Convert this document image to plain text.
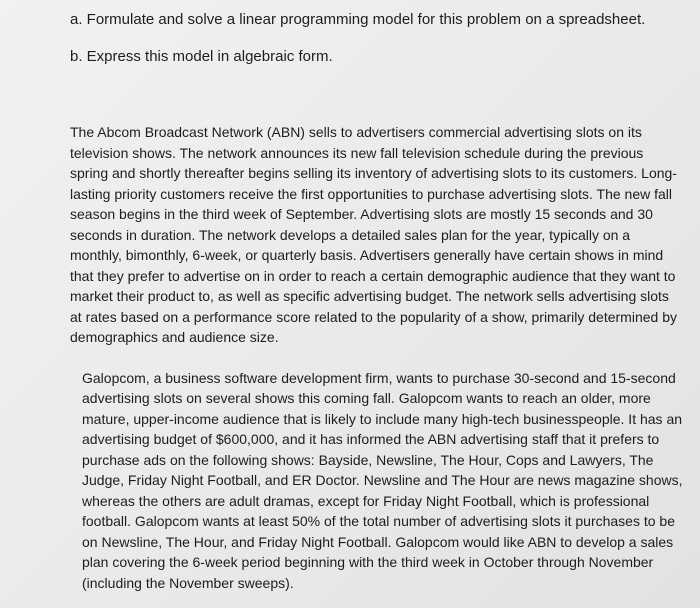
a. Formulate and solve a linear programming model for this problem on a spreadsheet.

b. Express this model in algebraic form.

The Abcom Broadcast Network (ABN) sells to advertisers commercial advertising slots on its television shows. The network announces its new fall television schedule during the previous spring and shortly thereafter begins selling its inventory of advertising slots to its customers. Long-lasting priority customers receive the first opportunities to purchase advertising slots. The new fall season begins in the third week of September. Advertising slots are mostly 15 seconds and 30 seconds in duration. The network develops a detailed sales plan for the year, typically on a monthly, bimonthly, 6-week, or quarterly basis. Advertisers generally have certain shows in mind that they prefer to advertise on in order to reach a certain demographic audience that they want to market their product to, as well as specific advertising budget. The network sells advertising slots at rates based on a performance score related to the popularity of a show, primarily determined by demographics and audience size.

Galopcom, a business software development firm, wants to purchase 30-second and 15-second advertising slots on several shows this coming fall. Galopcom wants to reach an older, more mature, upper-income audience that is likely to include many high-tech businesspeople. It has an advertising budget of $600,000, and it has informed the ABN advertising staff that it prefers to purchase ads on the following shows: Bayside, Newsline, The Hour, Cops and Lawyers, The Judge, Friday Night Football, and ER Doctor. Newsline and The Hour are news magazine shows, whereas the others are adult dramas, except for Friday Night Football, which is professional football. Galopcom wants at least 50% of the total number of advertising slots it purchases to be on Newsline, The Hour, and Friday Night Football. Galopcom would like ABN to develop a sales plan covering the 6-week period beginning with the third week in October through November (including the November sweeps).
